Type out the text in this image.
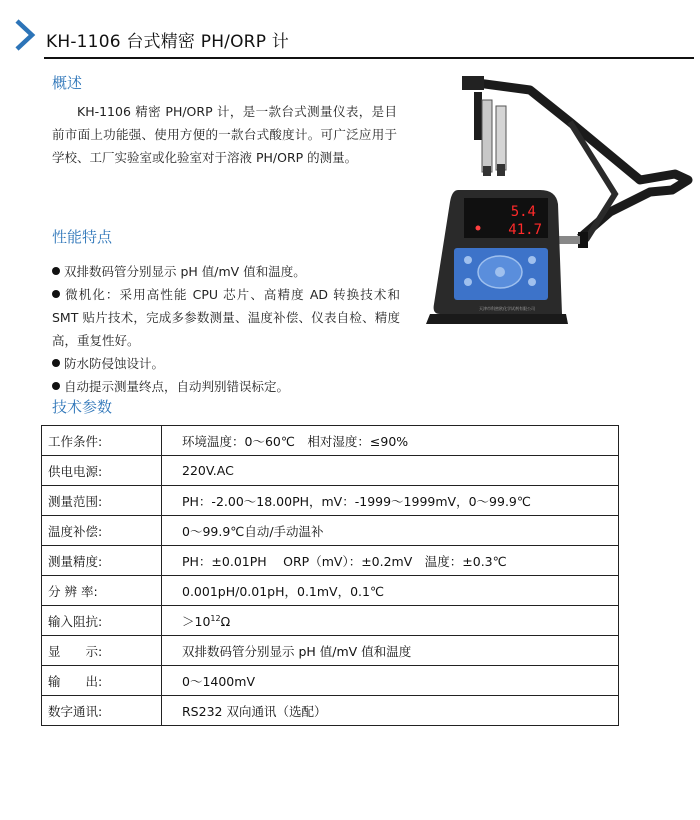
KH-1106 台式精密 PH/ORP 计
概述

KH-1106 精密 PH/ORP 计，是一款台式测量仪表，是目前市面上功能强、使用方便的一款台式酸度计。可广泛应用于学校、工厂实验室或化验室对于溶液 PH/ORP 的测量。

5.4
41.7
天津市科密欧化学试剂有限公司
性能特点

双排数码管分别显示 pH 值/mV 值和温度。

微机化：采用高性能 CPU 芯片、高精度 AD 转换技术和 SMT 贴片技术，完成多参数测量、温度补偿、仪表自检、精度高，重复性好。

防水防侵蚀设计。

自动提示测量终点，自动判别错误标定。

技术参数
工作条件:	环境温度：0～60℃　相对湿度：≤90%
供电电源:	220V.AC
测量范围:	PH：-2.00～18.00PH，mV：-1999～1999mV，0～99.9℃
温度补偿:	0～99.9℃自动/手动温补
测量精度:	PH：±0.01PH　 ORP（mV）：±0.2mV　温度：±0.3℃
分 辨 率:	0.001pH/0.01pH，0.1mV，0.1℃
输入阻抗:	$>10^{12}\Omega$
显　　示:	双排数码管分别显示 pH 值/mV 值和温度
输　　出:	0～1400mV
数字通讯:	RS232 双向通讯（选配）
